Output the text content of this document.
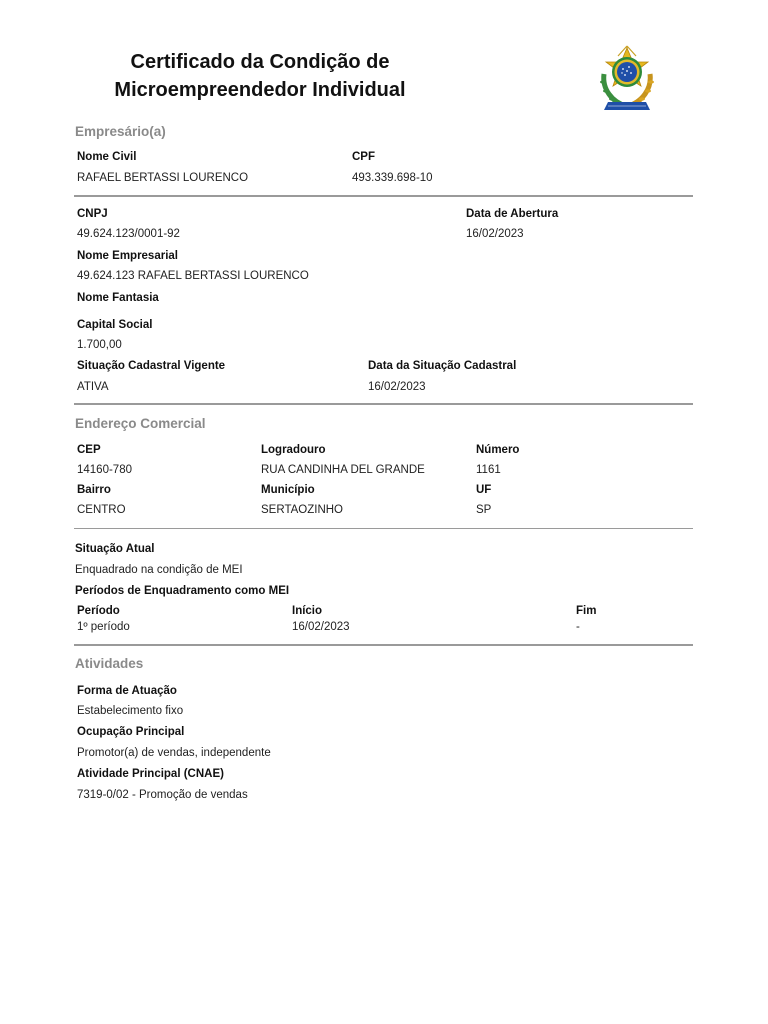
Certificado da Condição de
Microempreendedor Individual
Empresário(a)
Nome Civil
RAFAEL BERTASSI LOURENCO
CPF
493.339.698-10
CNPJ
49.624.123/0001-92
Data de Abertura
16/02/2023
Nome Empresarial
49.624.123 RAFAEL BERTASSI LOURENCO
Nome Fantasia
Capital Social
1.700,00
Situação Cadastral Vigente
ATIVA
Data da Situação Cadastral
16/02/2023
Endereço Comercial
CEP
14160-780
Logradouro
RUA CANDINHA DEL GRANDE
Número
1161
Bairro
CENTRO
Município
SERTAOZINHO
UF
SP
Situação Atual
Enquadrado na condição de MEI
Períodos de Enquadramento como MEI
Período	Início	Fim
1º período	16/02/2023	-
Atividades
Forma de Atuação
Estabelecimento fixo
Ocupação Principal
Promotor(a) de vendas, independente
Atividade Principal (CNAE)
7319-0/02 - Promoção de vendas
